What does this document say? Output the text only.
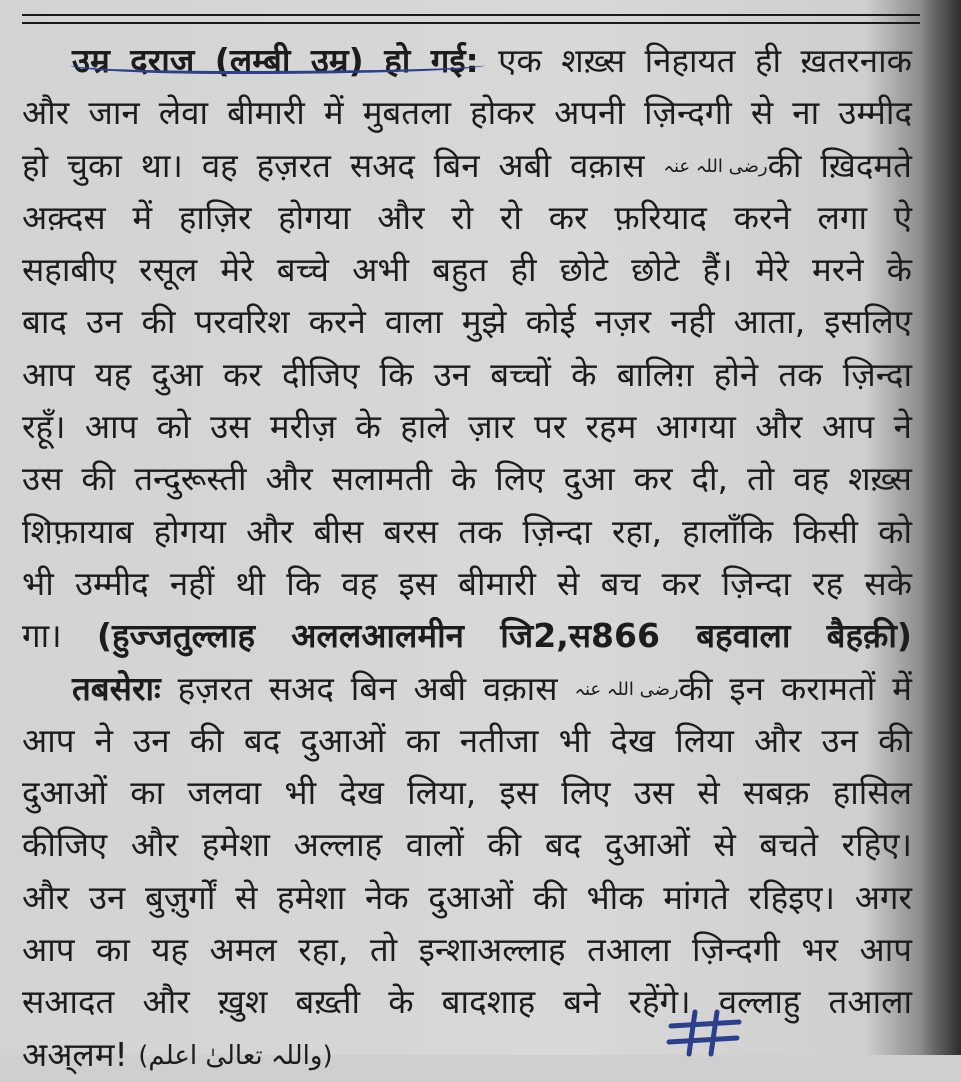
उम्र दराज (लम्बी उम्र) हो गई:
एक शख़्स निहायत ही ख़तरनाक
और जान लेवा बीमारी में मुबतला होकर अपनी ज़िन्दगी से ना उम्मीद
हो चुका था। वह हज़रत सअद बिन अबी वक़ास رضی اللہ عنہकी ख़िदमते
अक़्दस में हाज़िर होगया और रो रो कर फ़रियाद करने लगा ऐ
सहाबीए रसूल मेरे बच्चे अभी बहुत ही छोटे छोटे हैं। मेरे मरने के
बाद उन की परवरिश करने वाला मुझे कोई नज़र नही आता, इसलिए
आप यह दुआ कर दीजिए कि उन बच्चों के बालिग़ होने तक ज़िन्दा
रहूँ। आप को उस मरीज़ के हाले ज़ार पर रहम आगया और आप ने
उस की तन्दुरूस्ती और सलामती के लिए दुआ कर दी, तो वह शख़्स
शिफ़ायाब होगया और बीस बरस तक ज़िन्दा रहा, हालाँकि किसी को
भी उम्मीद नहीं थी कि वह इस बीमारी से बच कर ज़िन्दा रह सके
गा। (हुज्जतुल्लाह अललआलमीन जि2,स866 बहवाला बैहक़ी)
तबसेराः हज़रत सअद बिन अबी वक़ास رضی اللہ عنہकी इन करामतों में
आप ने उन की बद दुआओं का नतीजा भी देख लिया और उन की
दुआओं का जलवा भी देख लिया, इस लिए उस से सबक़ हासिल
कीजिए और हमेशा अल्लाह वालों की बद दुआओं से बचते रहिए।
और उन बुज़ुर्गों से हमेशा नेक दुआओं की भीक मांगते रहिइए। अगर
आप का यह अमल रहा, तो इन्शाअल्लाह तआला ज़िन्दगी भर आप
सआदत और ख़ुश बख़्ती के बादशाह बने रहेंगे। वल्लाहु तआला
अअ्लम! (واللہ تعالیٰ اعلم)
